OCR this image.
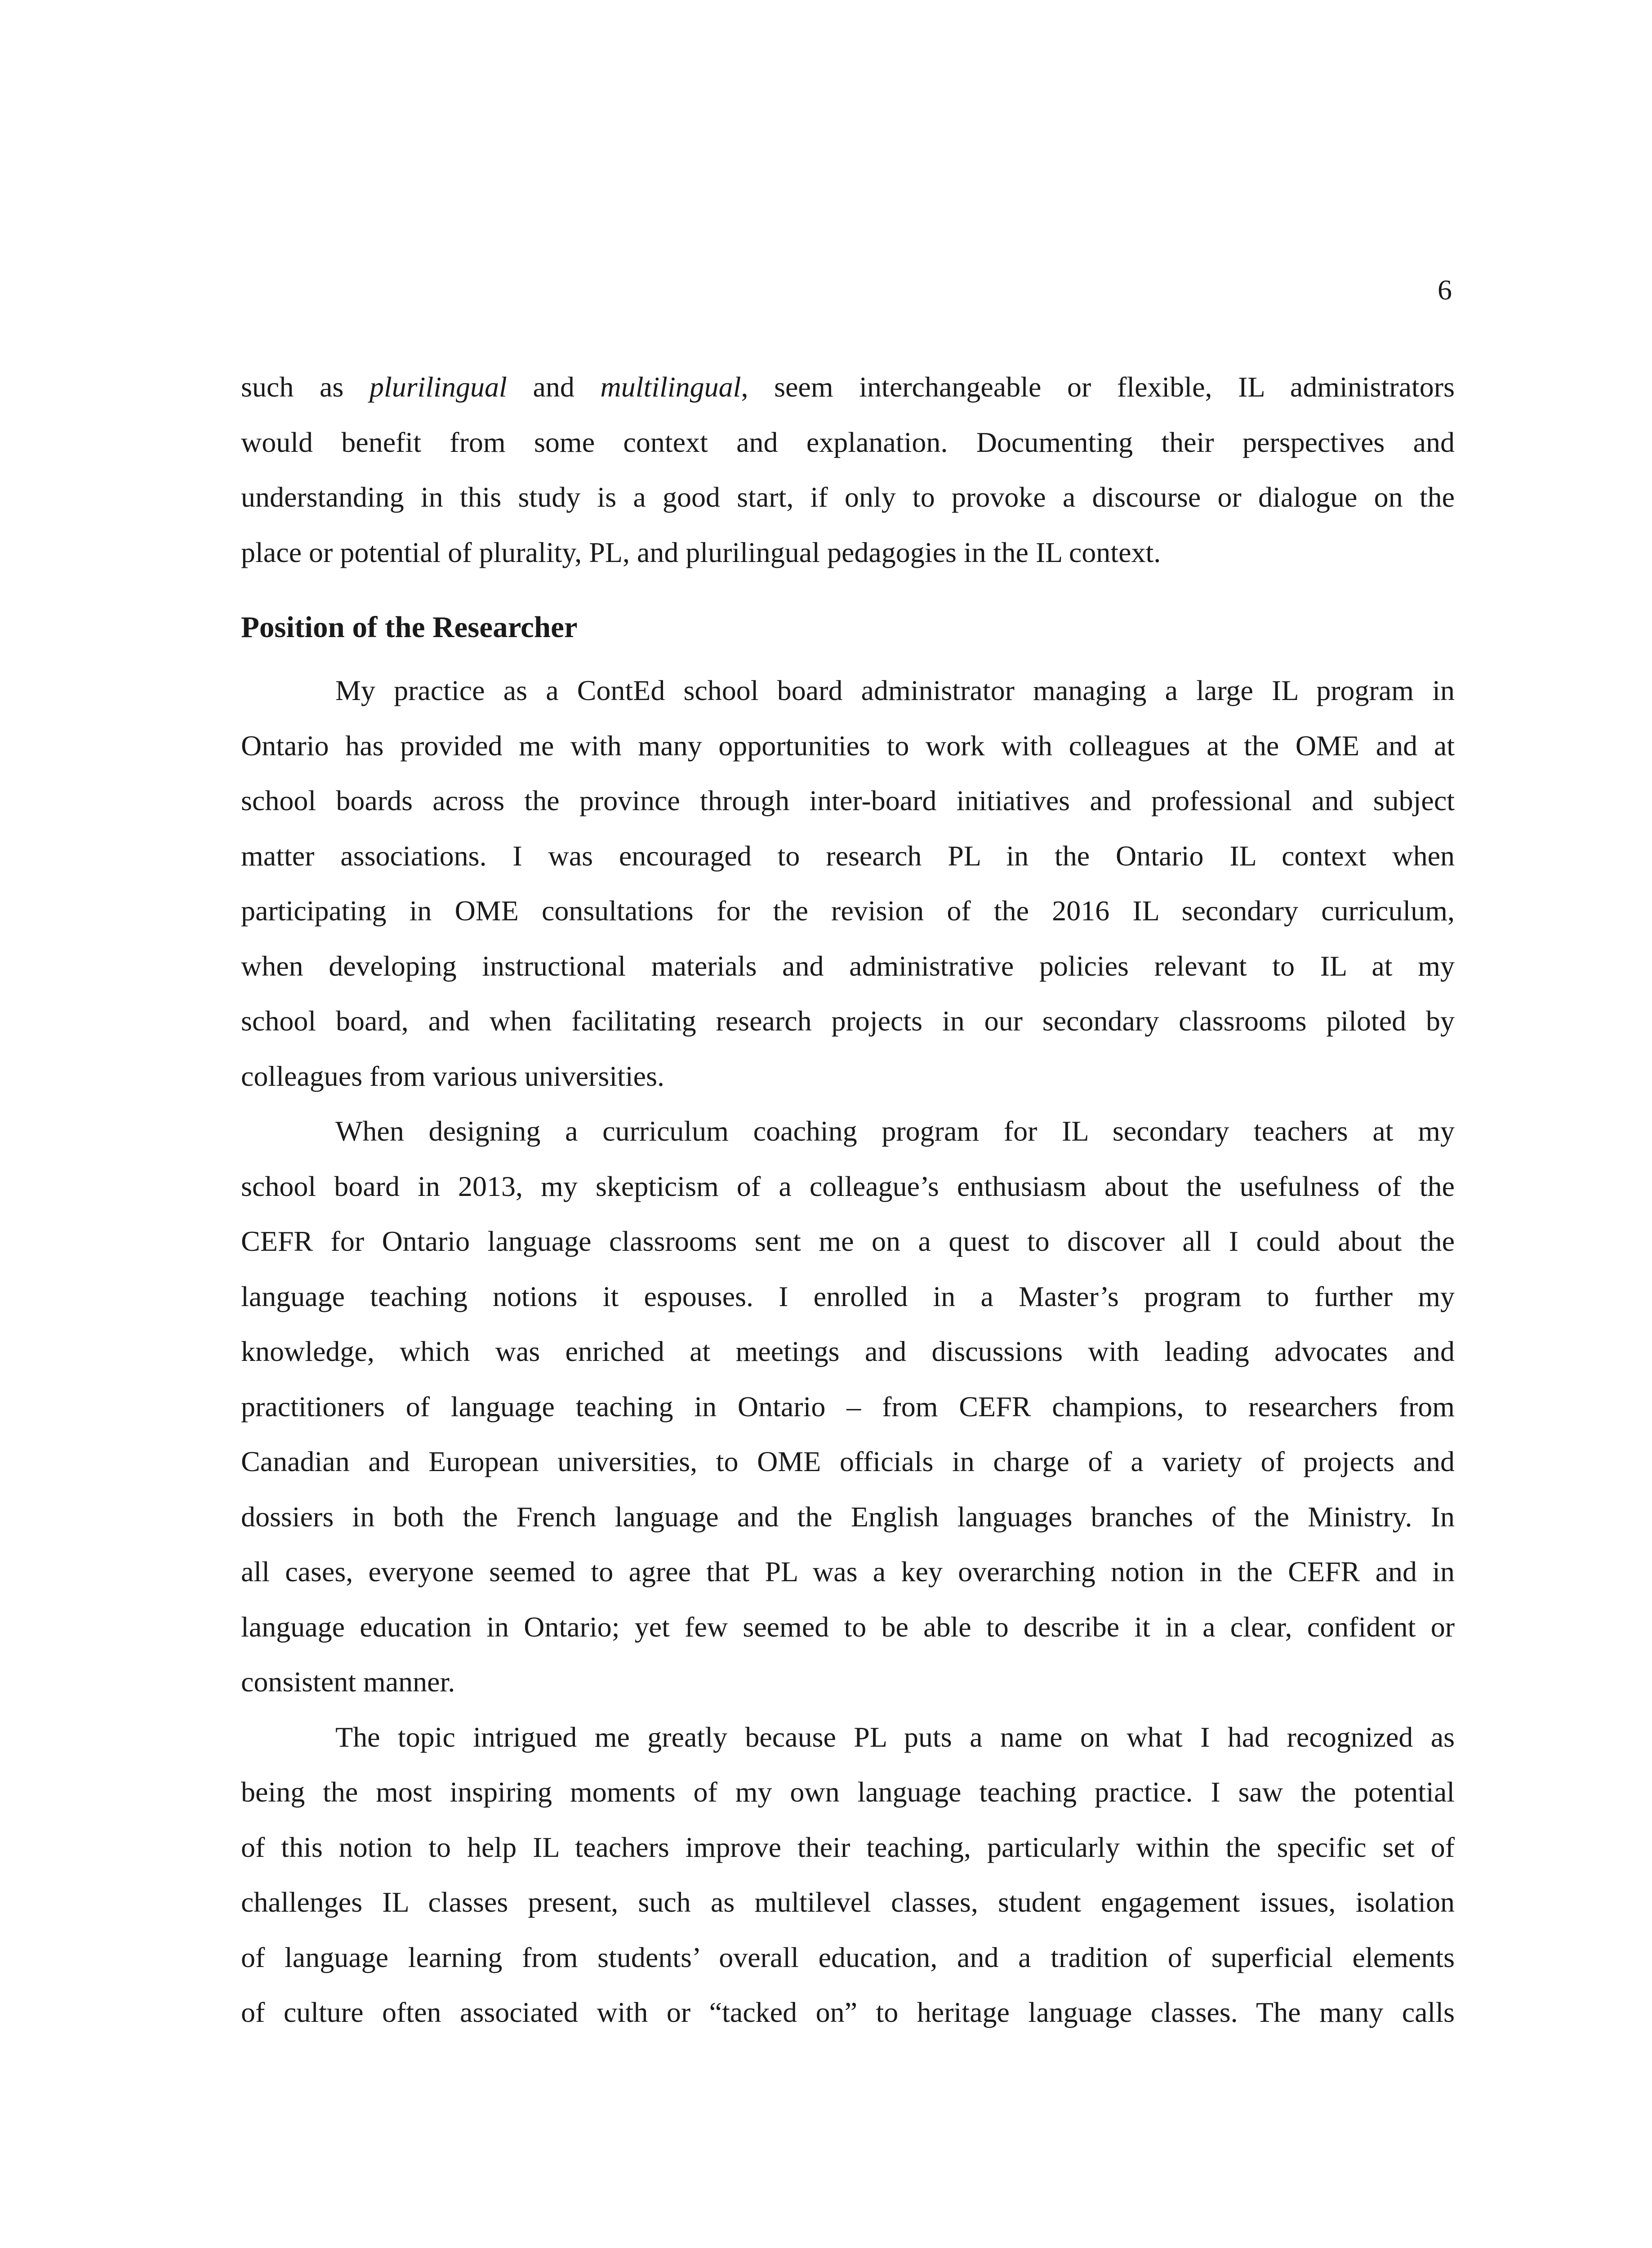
6

such as plurilingual and multilingual, seem interchangeable or flexible, IL administrators
would benefit from some context and explanation. Documenting their perspectives and
understanding in this study is a good start, if only to provoke a discourse or dialogue on the
place or potential of plurality, PL, and plurilingual pedagogies in the IL context.

Position of the Researcher

My practice as a ContEd school board administrator managing a large IL program in
Ontario has provided me with many opportunities to work with colleagues at the OME and at
school boards across the province through inter-board initiatives and professional and subject
matter associations. I was encouraged to research PL in the Ontario IL context when
participating in OME consultations for the revision of the 2016 IL secondary curriculum,
when developing instructional materials and administrative policies relevant to IL at my
school board, and when facilitating research projects in our secondary classrooms piloted by
colleagues from various universities.

When designing a curriculum coaching program for IL secondary teachers at my
school board in 2013, my skepticism of a colleague’s enthusiasm about the usefulness of the
CEFR for Ontario language classrooms sent me on a quest to discover all I could about the
language teaching notions it espouses. I enrolled in a Master’s program to further my
knowledge, which was enriched at meetings and discussions with leading advocates and
practitioners of language teaching in Ontario – from CEFR champions, to researchers from
Canadian and European universities, to OME officials in charge of a variety of projects and
dossiers in both the French language and the English languages branches of the Ministry. In
all cases, everyone seemed to agree that PL was a key overarching notion in the CEFR and in
language education in Ontario; yet few seemed to be able to describe it in a clear, confident or
consistent manner.

The topic intrigued me greatly because PL puts a name on what I had recognized as
being the most inspiring moments of my own language teaching practice. I saw the potential
of this notion to help IL teachers improve their teaching, particularly within the specific set of
challenges IL classes present, such as multilevel classes, student engagement issues, isolation
of language learning from students’ overall education, and a tradition of superficial elements
of culture often associated with or “tacked on” to heritage language classes. The many calls
